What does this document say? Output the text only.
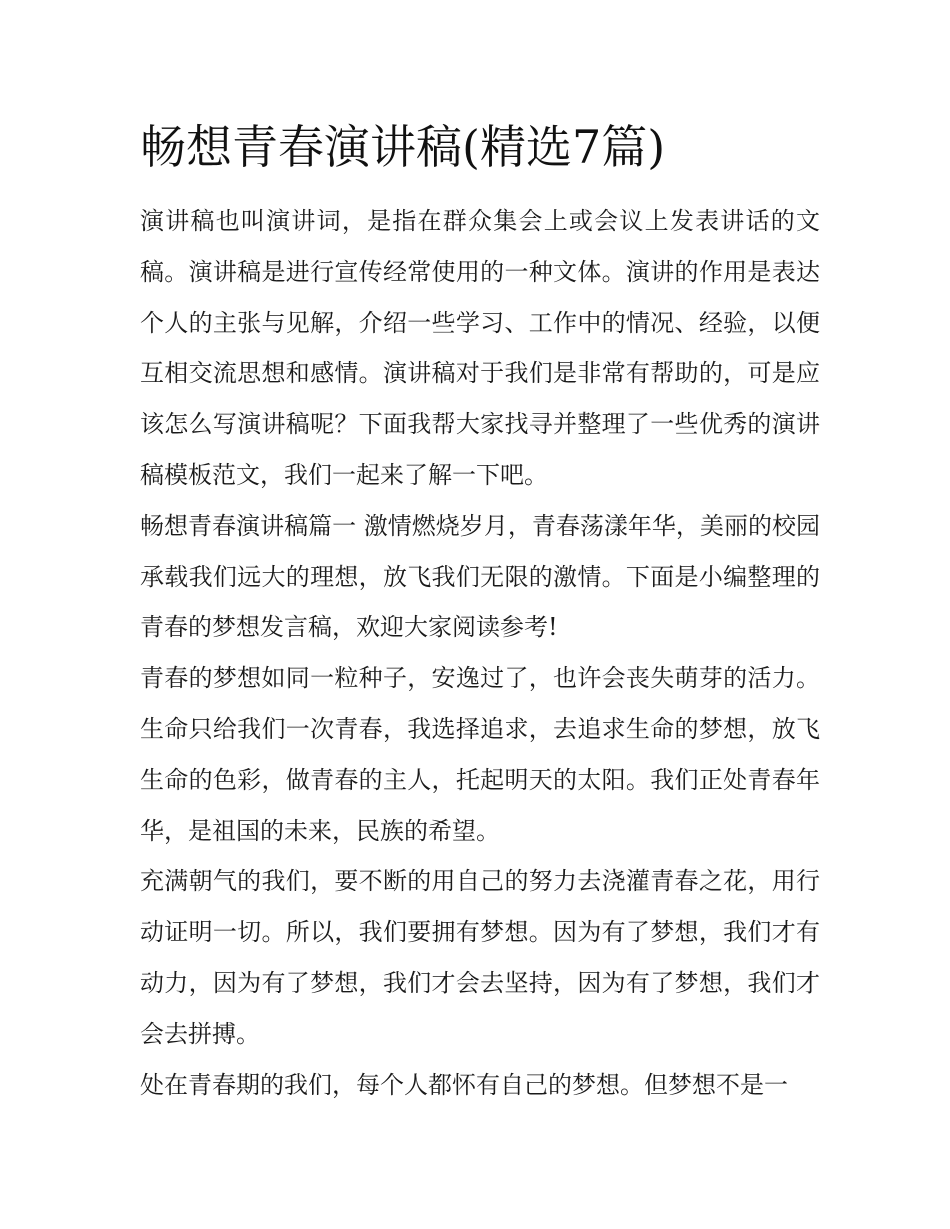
畅想青春演讲稿(精选7篇)

演讲稿也叫演讲词，是指在群众集会上或会议上发表讲话的文稿。演讲稿是进行宣传经常使用的一种文体。演讲的作用是表达个人的主张与见解，介绍一些学习、工作中的情况、经验，以便互相交流思想和感情。演讲稿对于我们是非常有帮助的，可是应该怎么写演讲稿呢？下面我帮大家找寻并整理了一些优秀的演讲稿模板范文，我们一起来了解一下吧。

畅想青春演讲稿篇一 激情燃烧岁月，青春荡漾年华，美丽的校园承载我们远大的理想，放飞我们无限的激情。下面是小编整理的青春的梦想发言稿，欢迎大家阅读参考!

青春的梦想如同一粒种子，安逸过了，也许会丧失萌芽的活力。生命只给我们一次青春，我选择追求，去追求生命的梦想，放飞生命的色彩，做青春的主人，托起明天的太阳。我们正处青春年华，是祖国的未来，民族的希望。

充满朝气的我们，要不断的用自己的努力去浇灌青春之花，用行动证明一切。所以，我们要拥有梦想。因为有了梦想，我们才有动力，因为有了梦想，我们才会去坚持，因为有了梦想，我们才会去拼搏。

处在青春期的我们，每个人都怀有自己的梦想。但梦想不是一
